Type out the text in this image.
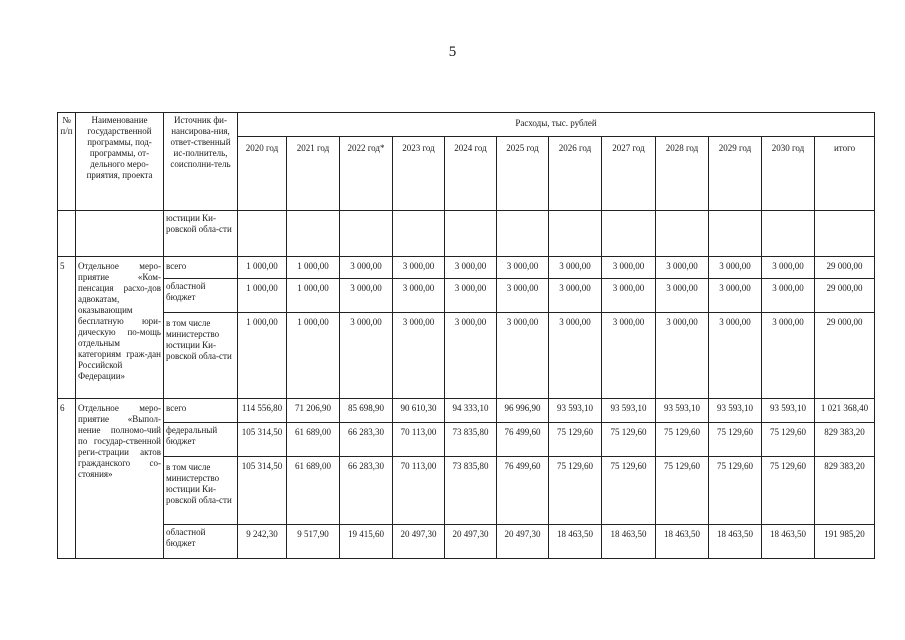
5
№ п/п	Наименование государственной программы, под-программы, от-дельного меро-приятия, проекта	Источник фи-нансирова-ния, ответ-ственный ис-полнитель, соисполни-тель	Расходы, тыс. рублей											
			2020 год	2021 год	2022 год*	2023 год	2024 год	2025 год	2026 год	2027 год	2028 год	2029 год	2030 год	итого
		юстиции Ки-ровской обла-сти												
5	Отдельное меро-приятие «Ком-пенсация расхо-дов адвокатам, оказывающим бесплатную юри-дическую по-мощь отдельным категориям граж-дан Российской Федерации»	всего	1 000,00	1 000,00	3 000,00	3 000,00	3 000,00	3 000,00	3 000,00	3 000,00	3 000,00	3 000,00	3 000,00	29 000,00
		областной бюджет	1 000,00	1 000,00	3 000,00	3 000,00	3 000,00	3 000,00	3 000,00	3 000,00	3 000,00	3 000,00	3 000,00	29 000,00
		в том числе министерство юстиции Ки-ровской обла-сти	1 000,00	1 000,00	3 000,00	3 000,00	3 000,00	3 000,00	3 000,00	3 000,00	3 000,00	3 000,00	3 000,00	29 000,00
6	Отдельное меро-приятие «Выпол-нение полномо-чий по государ-ственной реги-страции актов гражданского со-стояния»	всего	114 556,80	71 206,90	85 698,90	90 610,30	94 333,10	96 996,90	93 593,10	93 593,10	93 593,10	93 593,10	93 593,10	1 021 368,40
		федеральный бюджет	105 314,50	61 689,00	66 283,30	70 113,00	73 835,80	76 499,60	75 129,60	75 129,60	75 129,60	75 129,60	75 129,60	829 383,20
		в том числе министерство юстиции Ки-ровской обла-сти	105 314,50	61 689,00	66 283,30	70 113,00	73 835,80	76 499,60	75 129,60	75 129,60	75 129,60	75 129,60	75 129,60	829 383,20
		областной бюджет	9 242,30	9 517,90	19 415,60	20 497,30	20 497,30	20 497,30	18 463,50	18 463,50	18 463,50	18 463,50	18 463,50	191 985,20
